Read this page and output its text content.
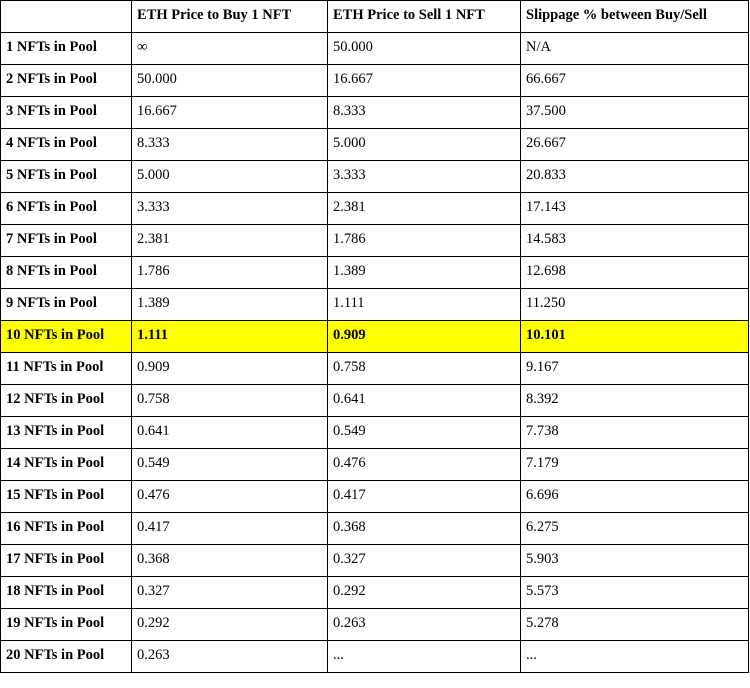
	ETH Price to Buy 1 NFT	ETH Price to Sell 1 NFT	Slippage % between Buy/Sell
1 NFTs in Pool	∞	50.000	N/A
2 NFTs in Pool	50.000	16.667	66.667
3 NFTs in Pool	16.667	8.333	37.500
4 NFTs in Pool	8.333	5.000	26.667
5 NFTs in Pool	5.000	3.333	20.833
6 NFTs in Pool	3.333	2.381	17.143
7 NFTs in Pool	2.381	1.786	14.583
8 NFTs in Pool	1.786	1.389	12.698
9 NFTs in Pool	1.389	1.111	11.250
10 NFTs in Pool	1.111	0.909	10.101
11 NFTs in Pool	0.909	0.758	9.167
12 NFTs in Pool	0.758	0.641	8.392
13 NFTs in Pool	0.641	0.549	7.738
14 NFTs in Pool	0.549	0.476	7.179
15 NFTs in Pool	0.476	0.417	6.696
16 NFTs in Pool	0.417	0.368	6.275
17 NFTs in Pool	0.368	0.327	5.903
18 NFTs in Pool	0.327	0.292	5.573
19 NFTs in Pool	0.292	0.263	5.278
20 NFTs in Pool	0.263	...	...
